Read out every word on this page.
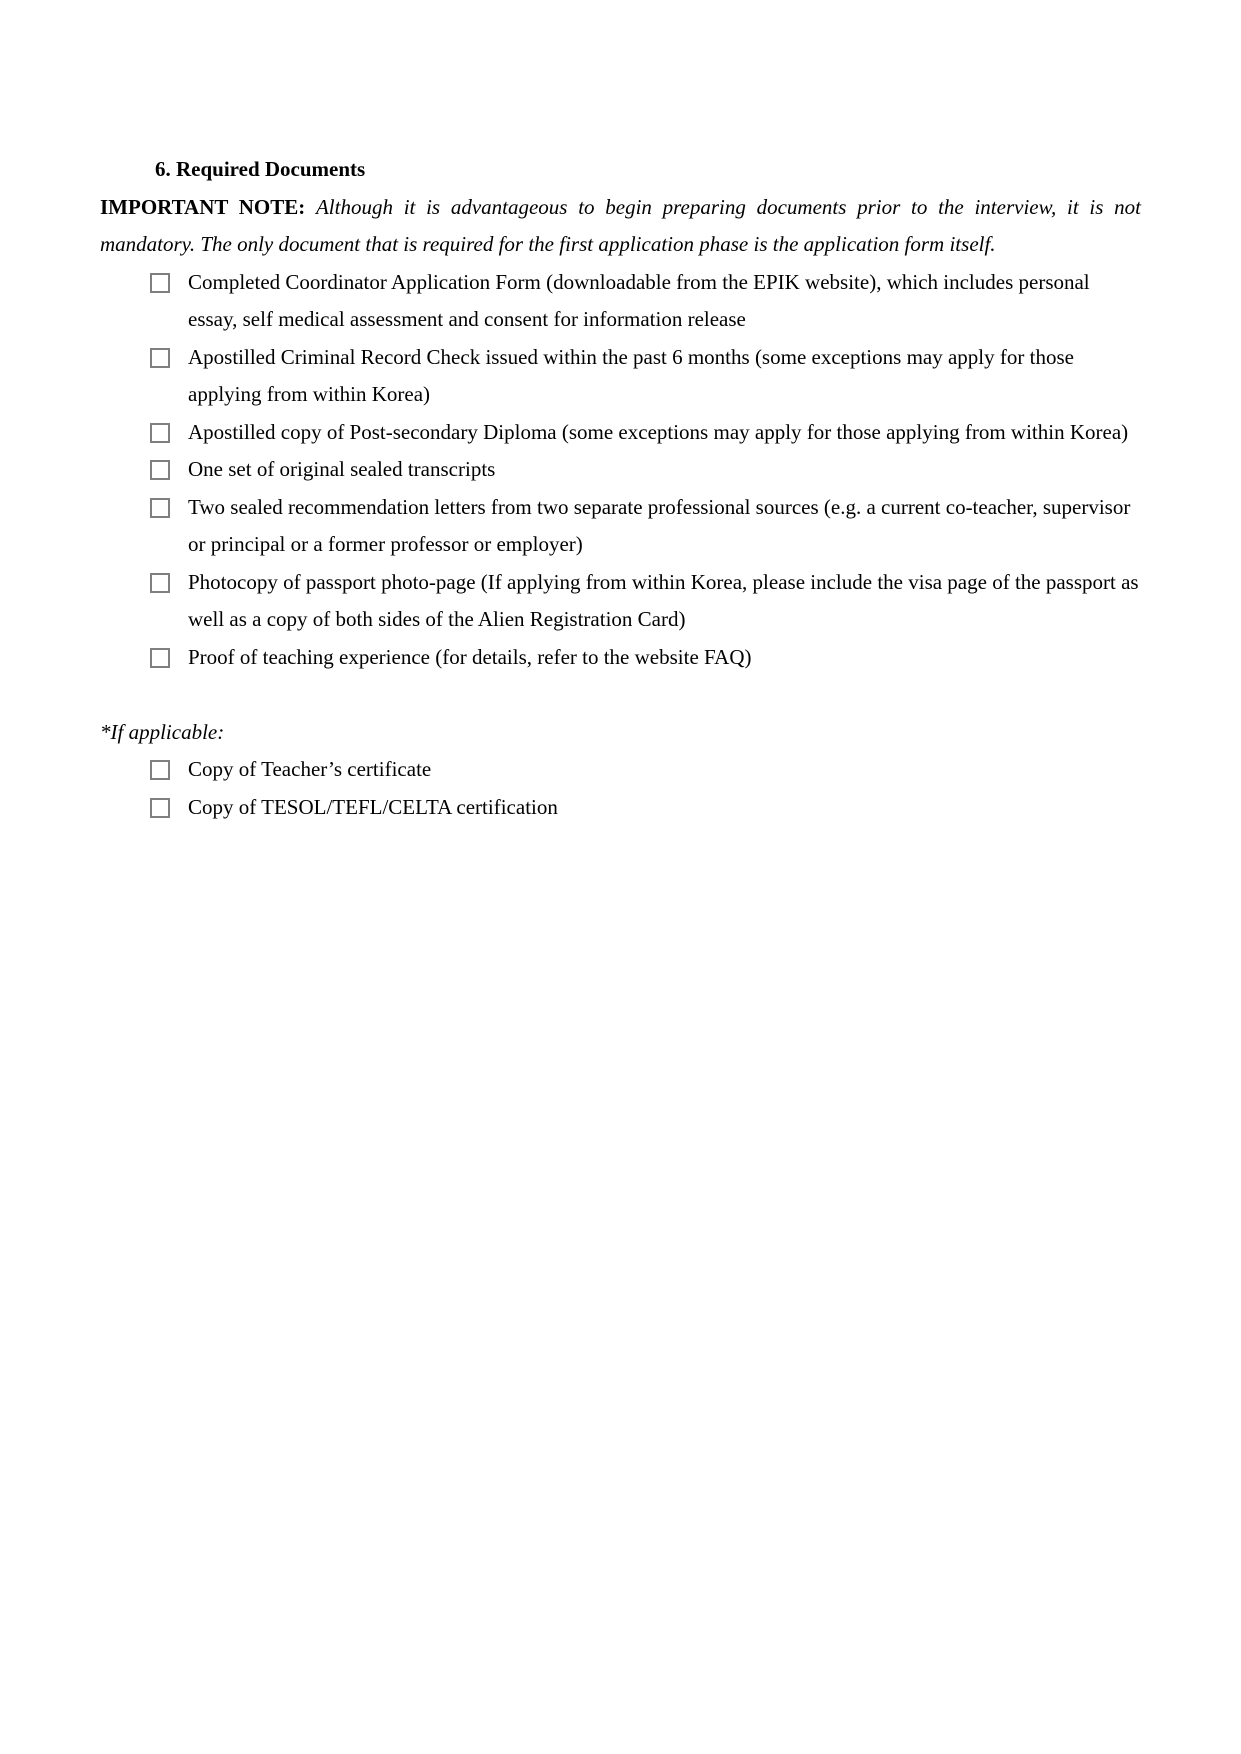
6. Required Documents

IMPORTANT NOTE: Although it is advantageous to begin preparing documents prior to the interview, it is not mandatory. The only document that is required for the first application phase is the application form itself.

Completed Coordinator Application Form (downloadable from the EPIK website), which includes personal essay, self medical assessment and consent for information release
Apostilled Criminal Record Check issued within the past 6 months (some exceptions may apply for those applying from within Korea)
Apostilled copy of Post-secondary Diploma (some exceptions may apply for those applying from within Korea)
One set of original sealed transcripts
Two sealed recommendation letters from two separate professional sources (e.g. a current co-teacher, supervisor or principal or a former professor or employer)
Photocopy of passport photo-page (If applying from within Korea, please include the visa page of the passport as well as a copy of both sides of the Alien Registration Card)
Proof of teaching experience (for details, refer to the website FAQ)

*If applicable:

Copy of Teacher’s certificate
Copy of TESOL/TEFL/CELTA certification
